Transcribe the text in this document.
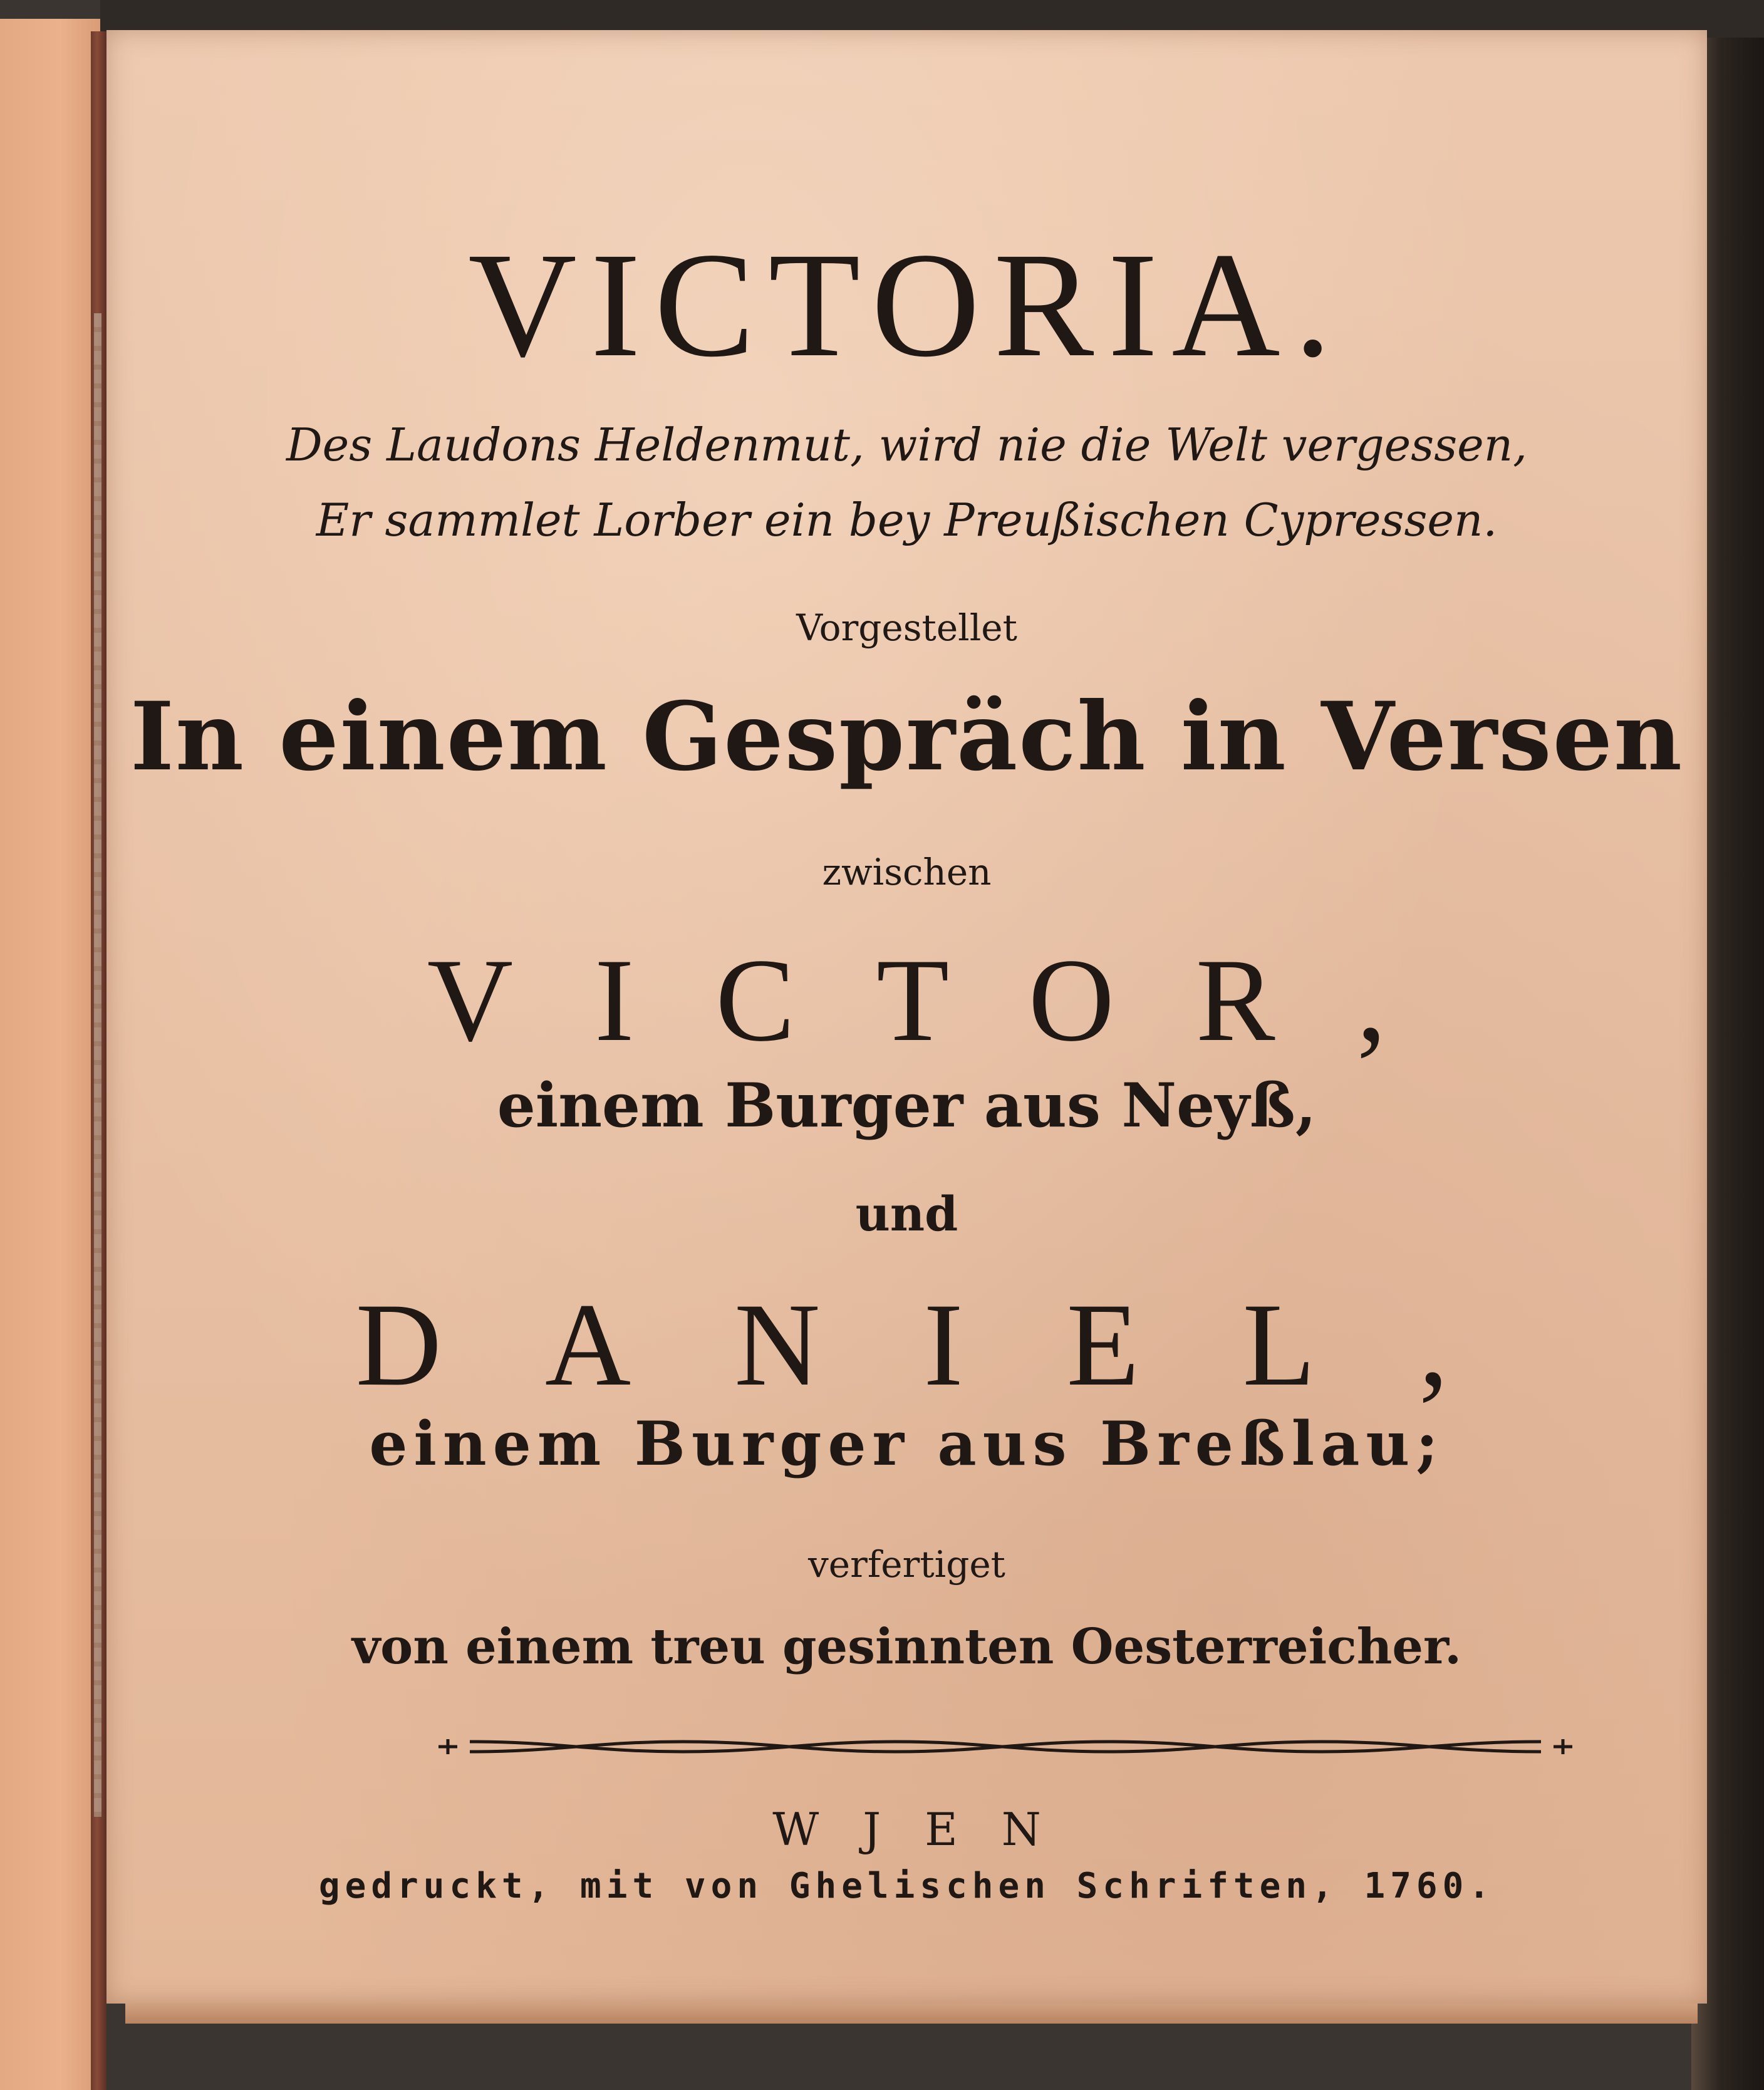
VICTORIA.
Des Laudons Heldenmut, wird nie die Welt vergessen,
Er sammlet Lorber ein bey Preußischen Cypressen.
Vorgestellet
In einem Gespräch in Versen
zwischen
VICTOR,
einem Burger aus Neyß,
und
DANIEL,
einem Burger aus Breßlau;
verfertiget
von einem treu gesinnten Oesterreicher.
WJEN
gedruckt, mit von Ghelischen Schriften, 1760.
